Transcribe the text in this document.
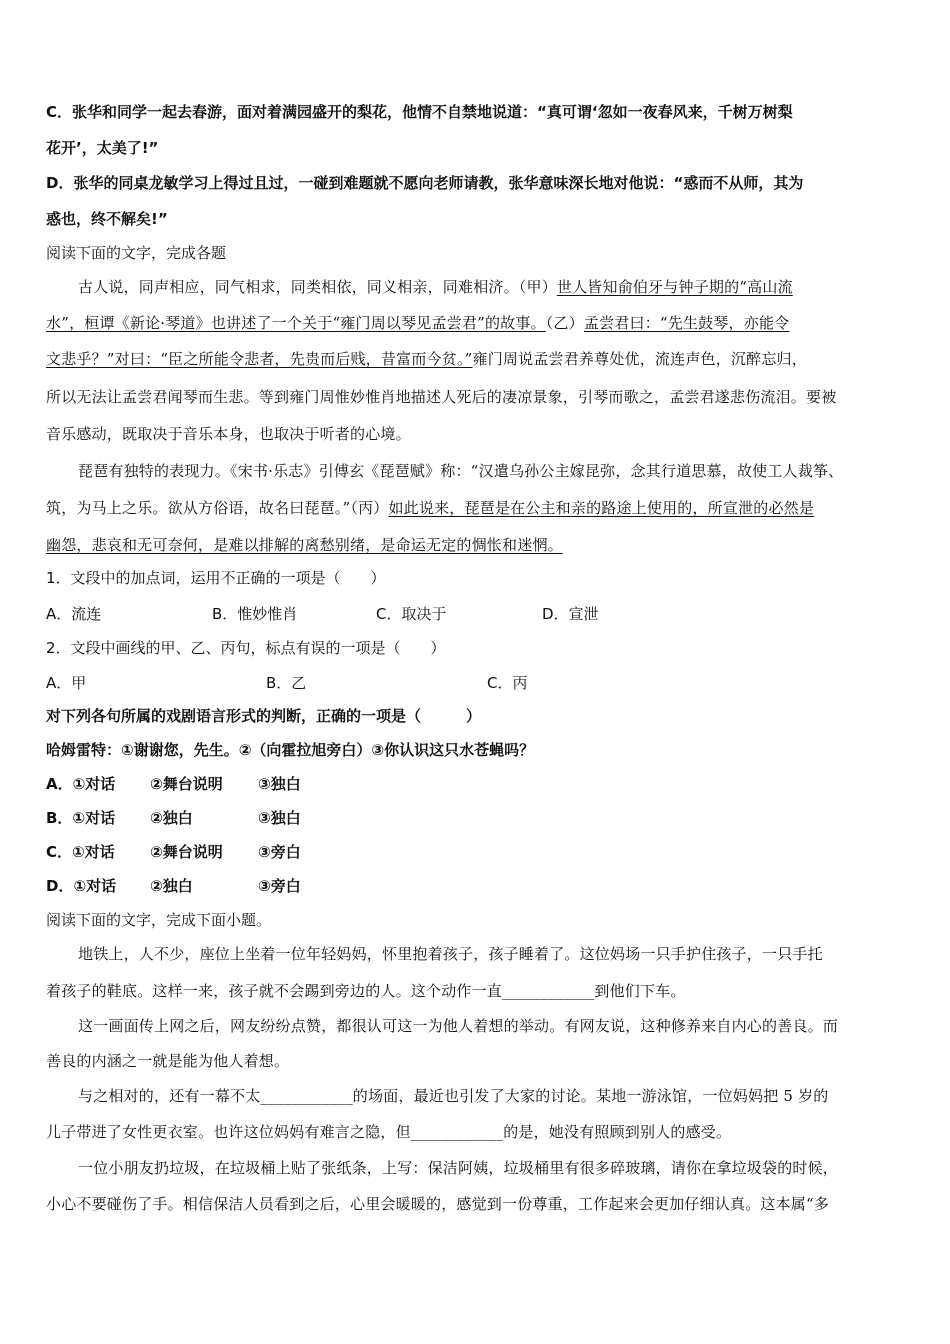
C．张华和同学一起去春游，面对着满园盛开的梨花，他情不自禁地说道：“真可谓‘忽如一夜春风来，千树万树梨
花开’，太美了!”
D．张华的同桌龙敏学习上得过且过，一碰到难题就不愿向老师请教，张华意味深长地对他说：“惑而不从师，其为
惑也，终不解矣!”
阅读下面的文字，完成各题
古人说，同声相应，同气相求，同类相依，同义相亲，同难相济。（甲）世人皆知俞伯牙与钟子期的“高山流
水”，桓谭《新论·琴道》也讲述了一个关于“雍门周以琴见孟尝君”的故事。（乙）孟尝君曰：“先生鼓琴，亦能令
文悲乎？”对曰：“臣之所能令悲者，先贵而后贱，昔富而今贫。”雍门周说孟尝君养尊处优，流连声色，沉醉忘归，
所以无法让孟尝君闻琴而生悲。等到雍门周惟妙惟肖地描述人死后的凄凉景象，引琴而歌之，孟尝君遂悲伤流泪。要被
音乐感动，既取决于音乐本身，也取决于听者的心境。
琵琶有独特的表现力。《宋书·乐志》引傅玄《琵琶赋》称：“汉遣乌孙公主嫁昆弥，念其行道思慕，故使工人裁筝、
筑，为马上之乐。欲从方俗语，故名曰琵琶。”（丙）如此说来，琵琶是在公主和亲的路途上使用的，所宣泄的必然是
幽怨，悲哀和无可奈何，是难以排解的离愁别绪，是命运无定的惆怅和迷惘。
1．文段中的加点词，运用不正确的一项是（　　）
A．流连	B．惟妙惟肖	C．取决于	D．宣泄
2．文段中画线的甲、乙、丙句，标点有误的一项是（　　）
A．甲	B．乙	C．丙
对下列各句所属的戏剧语言形式的判断，正确的一项是（　　　）
哈姆雷特：①谢谢您，先生。②（向霍拉旭旁白）③你认识这只水苍蝇吗？
A．①对话 ②舞台说明 ③独白
B．①对话 ②独白	③独白
C．①对话 ②舞台说明 ③旁白
D．①对话 ②独白	③旁白
阅读下面的文字，完成下面小题。
地铁上，人不少，座位上坐着一位年轻妈妈，怀里抱着孩子，孩子睡着了。这位妈场一只手护住孩子，一只手托
着孩子的鞋底。这样一来，孩子就不会踢到旁边的人。这个动作一直____________到他们下车。
这一画面传上网之后，网友纷纷点赞，都很认可这一为他人着想的举动。有网友说，这种修养来自内心的善良。而
善良的内涵之一就是能为他人着想。
与之相对的，还有一幕不太____________的场面，最近也引发了大家的讨论。某地一游泳馆，一位妈妈把 5 岁的
儿子带进了女性更衣室。也许这位妈妈有难言之隐，但____________的是，她没有照顾到别人的感受。
一位小朋友扔垃圾，在垃圾桶上贴了张纸条，上写：保洁阿姨，垃圾桶里有很多碎玻璃，请你在拿垃圾袋的时候，
小心不要碰伤了手。相信保洁人员看到之后，心里会暖暖的，感觉到一份尊重，工作起来会更加仔细认真。这本属“多
